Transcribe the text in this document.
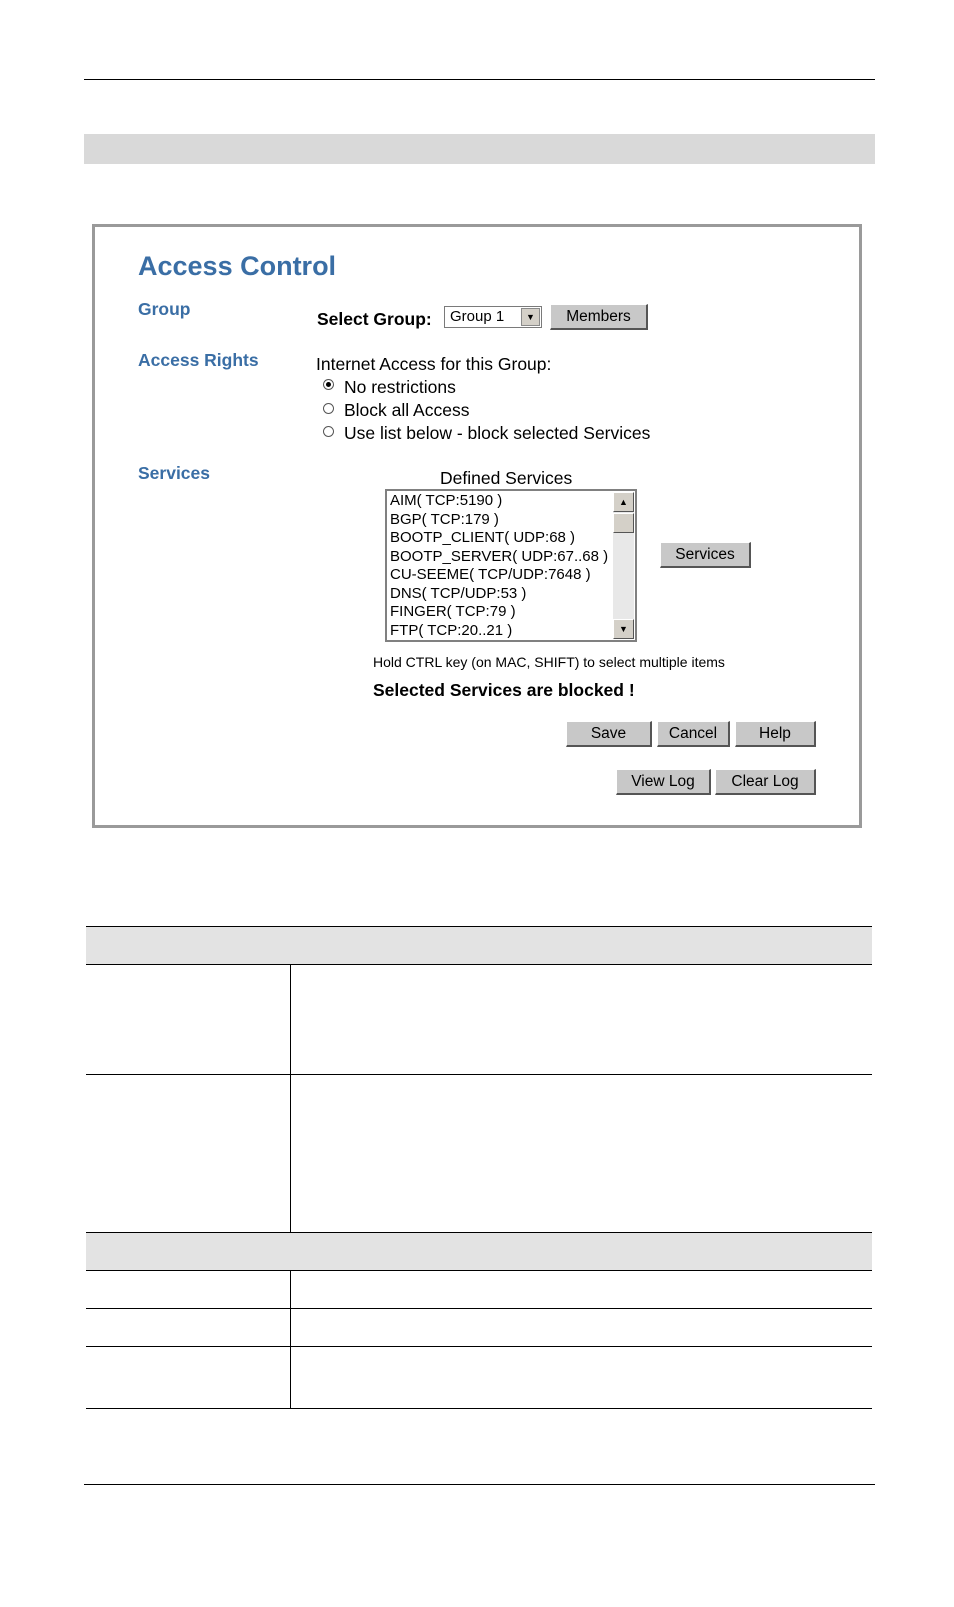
Access Control
Group
Access Rights
Services
Select Group:	Group 1	▼	Members
Internet Access for this Group:
No restrictions
Block all Access
Use list below - block selected Services
Defined Services
AIM( TCP:5190 )
BGP( TCP:179 )
BOOTP_CLIENT( UDP:68 )
BOOTP_SERVER( UDP:67..68 )
CU-SEEME( TCP/UDP:7648 )
DNS( TCP/UDP:53 )
FINGER( TCP:79 )
FTP( TCP:20..21 )
▲
▼
Services
Hold CTRL key (on MAC, SHIFT) to select multiple items
Selected Services are blocked !
Save	Cancel	Help
View Log	Clear Log
